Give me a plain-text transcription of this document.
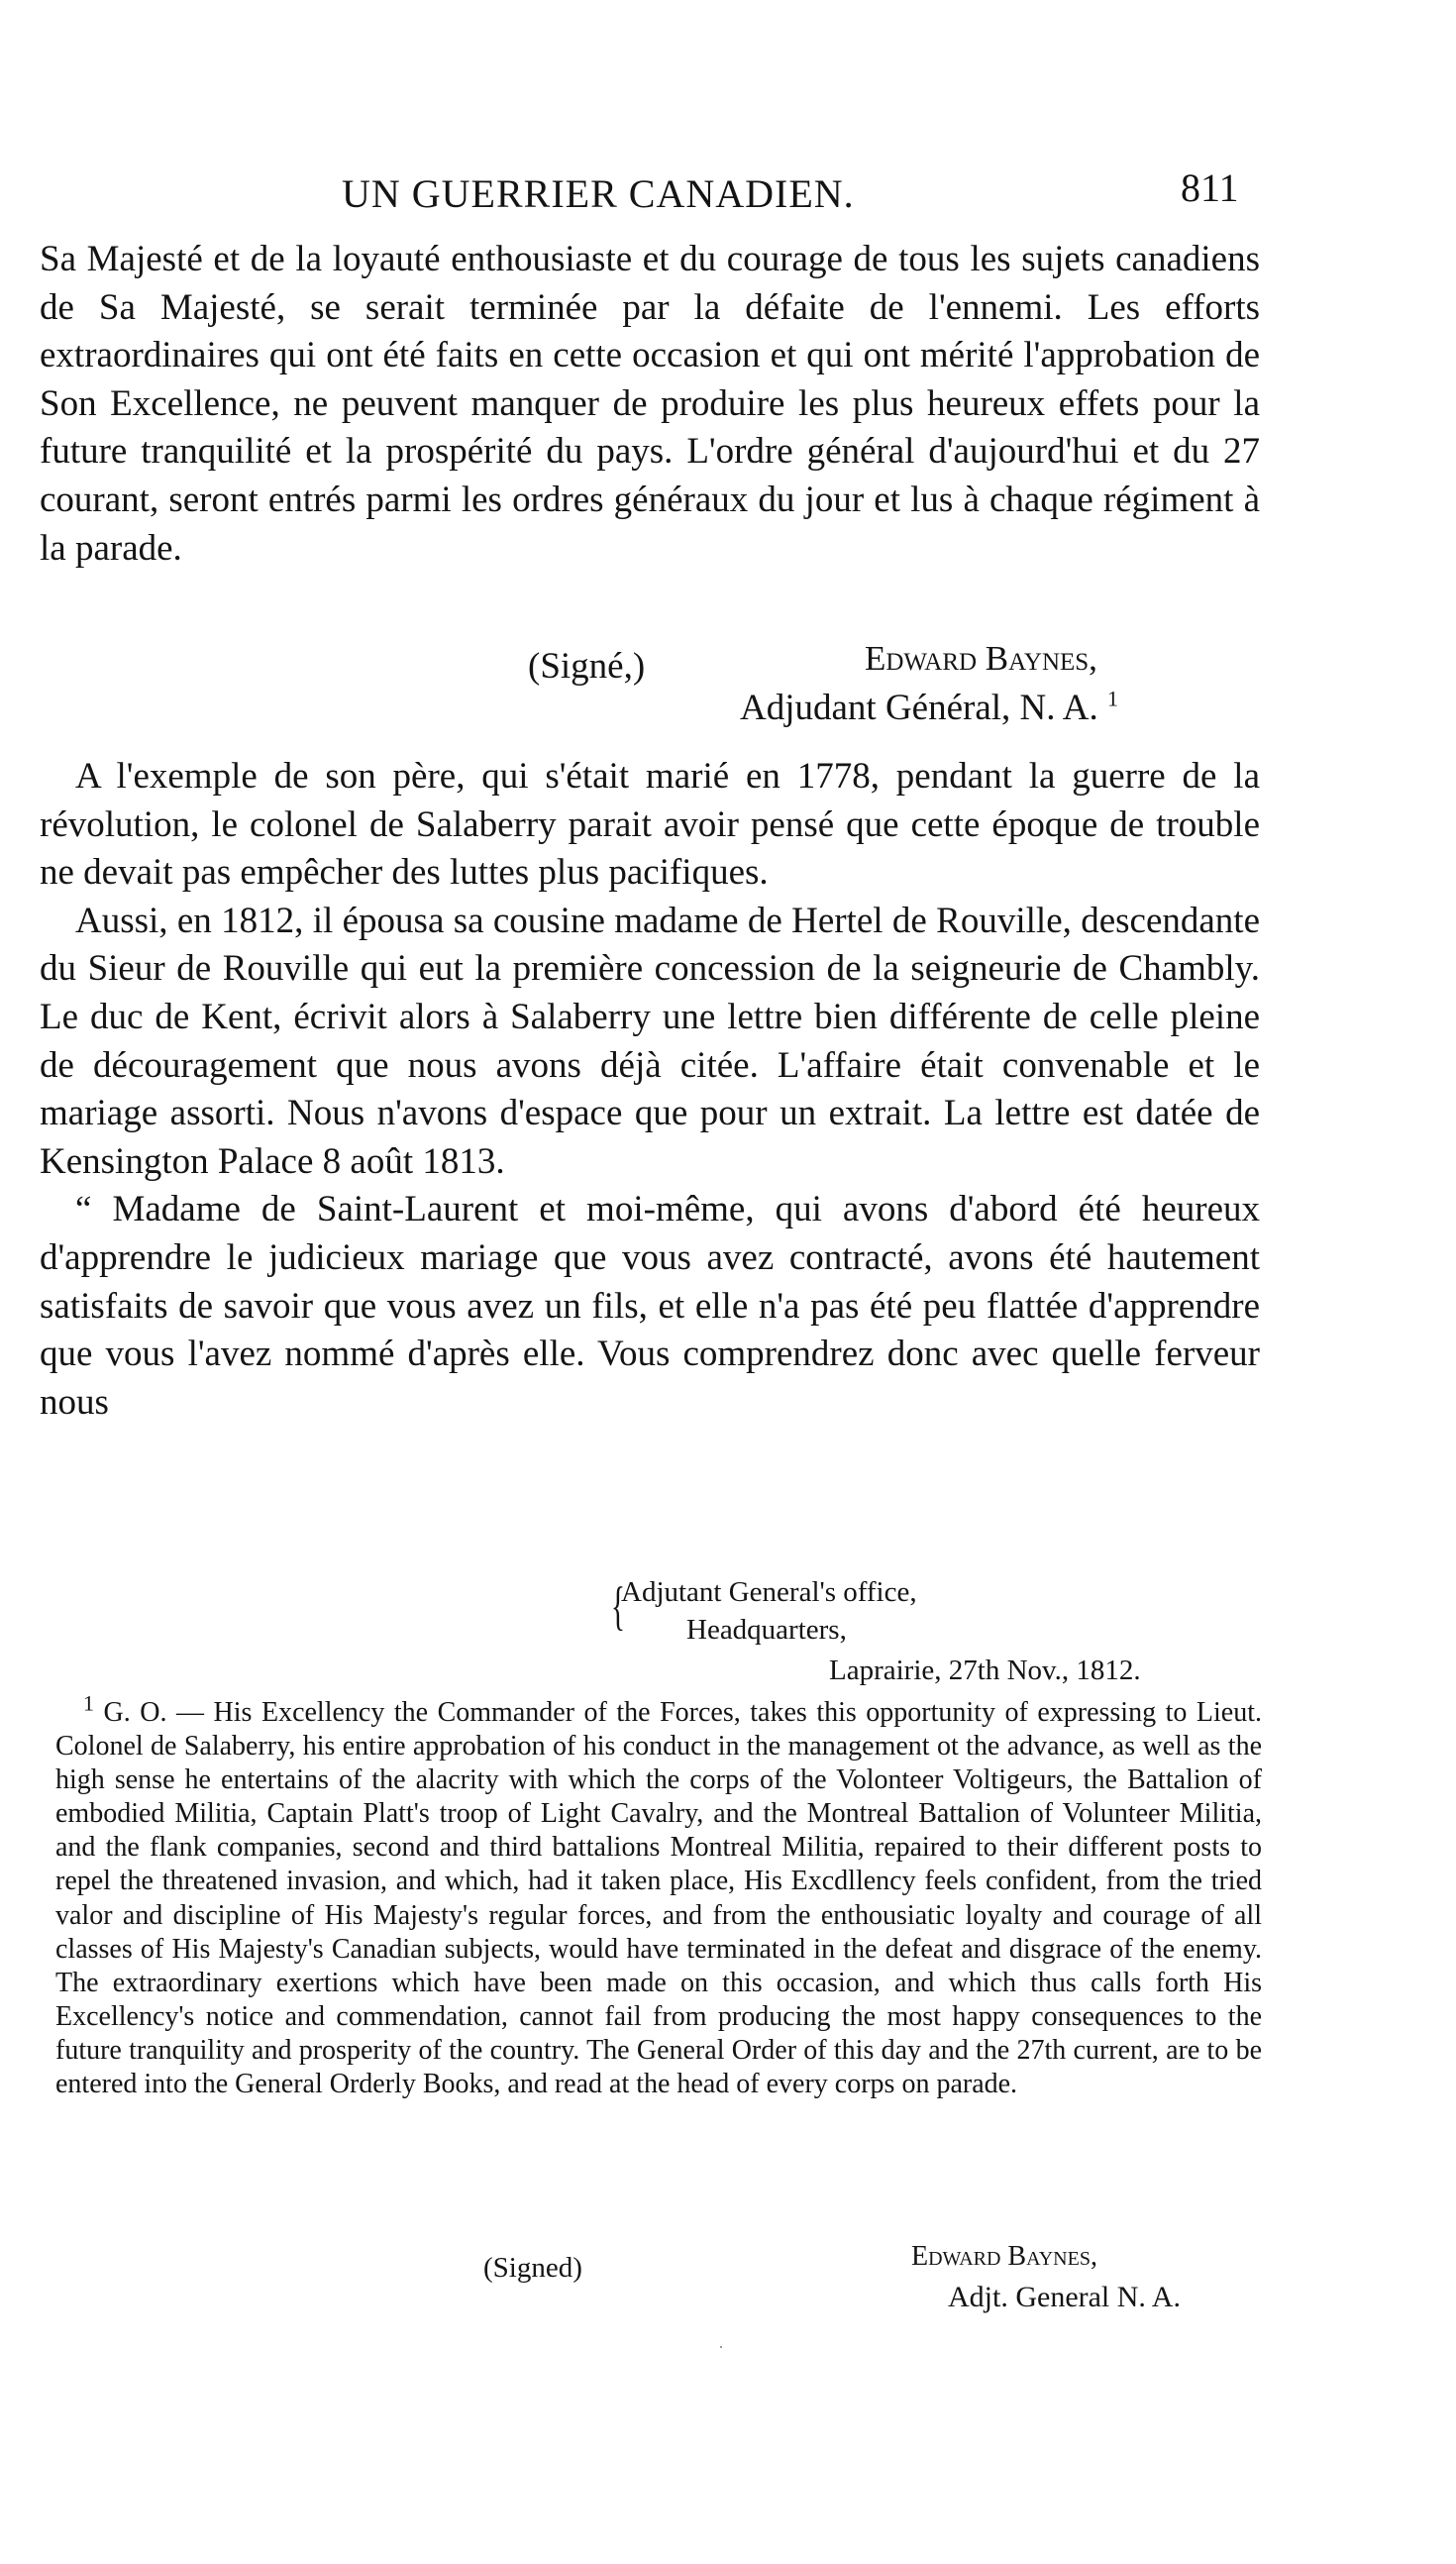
UN GUERRIER CANADIEN.	811

Sa Majesté et de la loyauté enthousiaste et du courage de tous les sujets canadiens de Sa Majesté, se serait terminée par la défaite de l'ennemi. Les efforts extraordinaires qui ont été faits en cette occasion et qui ont mérité l'approbation de Son Excellence, ne peuvent manquer de produire les plus heureux effets pour la future tranquilité et la prospérité du pays. L'ordre général d'aujourd'hui et du 27 courant, seront entrés parmi les ordres généraux du jour et lus à chaque régiment à la parade.

(Signé,)	Edward Baynes,
Adjudant Général, N. A. $^1$

A l'exemple de son père, qui s'était marié en 1778, pendant la guerre de la révolution, le colonel de Salaberry parait avoir pensé que cette époque de trouble ne devait pas empêcher des luttes plus pacifiques.

Aussi, en 1812, il épousa sa cousine madame de Hertel de Rouville, descendante du Sieur de Rouville qui eut la première concession de la seigneurie de Chambly. Le duc de Kent, écrivit alors à Salaberry une lettre bien différente de celle pleine de découragement que nous avons déjà citée. L'affaire était convenable et le mariage assorti. Nous n'avons d'espace que pour un extrait. La lettre est datée de Kensington Palace 8 août 1813.

“ Madame de Saint-Laurent et moi-même, qui avons d'abord été heureux d'apprendre le judicieux mariage que vous avez contracté, avons été hautement satisfaits de savoir que vous avez un fils, et elle n'a pas été peu flattée d'apprendre que vous l'avez nommé d'après elle. Vous comprendrez donc avec quelle ferveur nous

{
Adjutant General's office,
Headquarters,
Laprairie, 27th Nov., 1812.

$^1$ G. O. — His Excellency the Commander of the Forces, takes this opportunity of expressing to Lieut. Colonel de Salaberry, his entire approbation of his conduct in the management ot the advance, as well as the high sense he entertains of the alacrity with which the corps of the Volonteer Voltigeurs, the Battalion of embodied Militia, Captain Platt's troop of Light Cavalry, and the Montreal Battalion of Volunteer Militia, and the flank companies, second and third battalions Montreal Militia, repaired to their different posts to repel the threatened invasion, and which, had it taken place, His Excdllency feels confident, from the tried valor and discipline of His Majesty's regular forces, and from the enthousiatic loyalty and courage of all classes of His Majesty's Canadian subjects, would have terminated in the defeat and disgrace of the enemy. The extraordinary exertions which have been made on this occasion, and which thus calls forth His Excellency's notice and commendation, cannot fail from producing the most happy consequences to the future tranquility and prosperity of the country. The General Order of this day and the 27th current, are to be entered into the General Orderly Books, and read at the head of every corps on parade.

(Signed)	Edward Baynes,
Adjt. General N. A.
